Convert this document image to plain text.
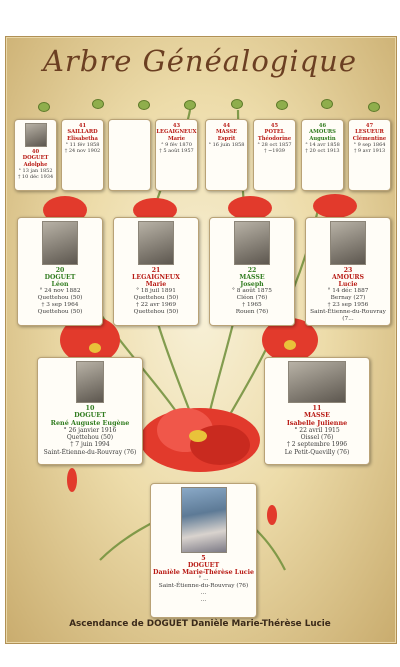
Arbre Généalogique
40
DOGUET
Adolphe
° 13 jan 1852
† 10 déc 1934
41
SAILLARD
Elisabetha
° 11 fév 1858
† 24 nov 1902
43
LEGAIGNEUX
Marie
° 9 fév 1870
† 5 août 1957
44
MASSE
Esprit
° 16 juin 1858
45
POTEL
Théodorine
° 28 oct 1857
† ~1939
46
AMOURS
Augustin
° 14 avr 1858
† 20 oct 1913
47
LESUEUR
Clémentine
° 9 sep 1864
† 9 avr 1913
20
DOGUET
Léon
° 24 nov 1882
Quettehou (50)
† 3 sep 1964
Quettehou (50)
21
LEGAIGNEUX
Marie
° 18 juil 1891
Quettehou (50)
† 22 avr 1969
Quettehou (50)
22
MASSE
Joseph
° 8 août 1875
Cléon (76)
† 1965
Rouen (76)
23
AMOURS
Lucie
° 14 déc 1887
Bernay (27)
† 23 sep 1956
Saint-Étienne-du-Rouvray (7...
10
DOGUET
René Auguste Eugène
° 26 janvier 1916
Quettehou (50)
† 7 juin 1994
Saint-Étienne-du-Rouvray (76)
11
MASSE
Isabelle Julienne
° 22 avril 1915
Oissel (76)
† 2 septembre 1996
Le Petit-Quevilly (76)
5
DOGUET
Danièle Marie-Thérèse Lucie
° ...
Saint-Étienne-du-Rouvray (76)
...
...
Ascendance de DOGUET Danièle Marie-Thérèse Lucie
